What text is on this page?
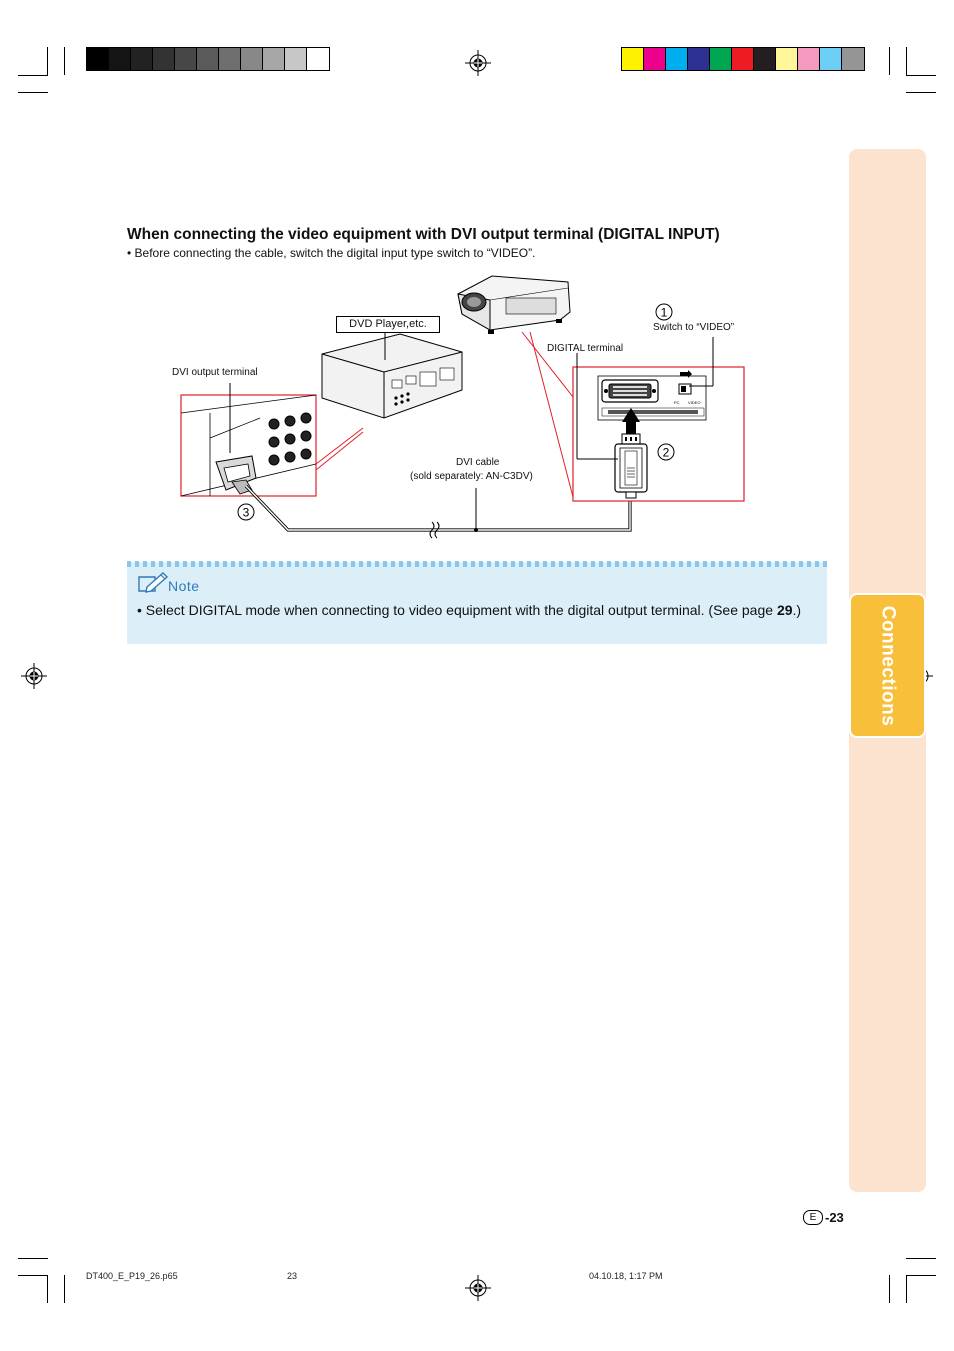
Connections
When connecting the video equipment with DVI output terminal (DIGITAL INPUT)
• Before connecting the cable, switch the digital input type switch to “VIDEO”.
PC VIDEO
1
2
3
DVD Player,etc.
DVI output terminal
DIGITAL terminal
Switch to “VIDEO”
DVI cable
(sold separately: AN-C3DV)
Note
• Select DIGITAL mode when connecting to video equipment with the digital output terminal. (See page 29.)
E -23
DT400_E_P19_26.p65	23	04.10.18, 1:17 PM
